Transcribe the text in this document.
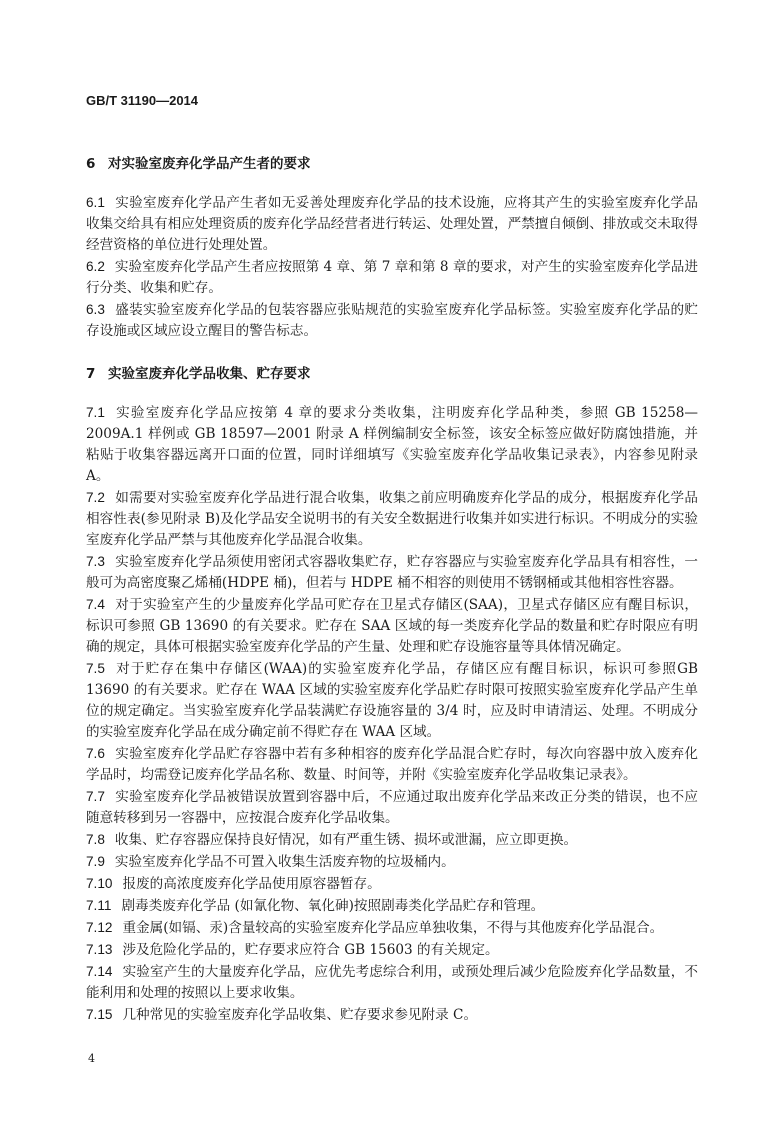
GB/T 31190—2014
6 对实验室废弃化学品产生者的要求

6.1 实验室废弃化学品产生者如无妥善处理废弃化学品的技术设施，应将其产生的实验室废弃化学品收集交给具有相应处理资质的废弃化学品经营者进行转运、处理处置，严禁擅自倾倒、排放或交未取得经营资格的单位进行处理处置。

6.2 实验室废弃化学品产生者应按照第 4 章、第 7 章和第 8 章的要求，对产生的实验室废弃化学品进行分类、收集和贮存。

6.3 盛装实验室废弃化学品的包装容器应张贴规范的实验室废弃化学品标签。实验室废弃化学品的贮存设施或区域应设立醒目的警告标志。

7 实验室废弃化学品收集、贮存要求

7.1 实验室废弃化学品应按第 4 章的要求分类收集，注明废弃化学品种类，参照 GB 15258—2009A.1 样例或 GB 18597—2001 附录 A 样例编制安全标签，该安全标签应做好防腐蚀措施，并粘贴于收集容器远离开口面的位置，同时详细填写《实验室废弃化学品收集记录表》，内容参见附录 A。

7.2 如需要对实验室废弃化学品进行混合收集，收集之前应明确废弃化学品的成分，根据废弃化学品相容性表(参见附录 B)及化学品安全说明书的有关安全数据进行收集并如实进行标识。不明成分的实验室废弃化学品严禁与其他废弃化学品混合收集。

7.3 实验室废弃化学品须使用密闭式容器收集贮存，贮存容器应与实验室废弃化学品具有相容性，一般可为高密度聚乙烯桶(HDPE 桶)，但若与 HDPE 桶不相容的则使用不锈钢桶或其他相容性容器。

7.4 对于实验室产生的少量废弃化学品可贮存在卫星式存储区(SAA)，卫星式存储区应有醒目标识，标识可参照 GB 13690 的有关要求。贮存在 SAA 区域的每一类废弃化学品的数量和贮存时限应有明确的规定，具体可根据实验室废弃化学品的产生量、处理和贮存设施容量等具体情况确定。

7.5 对于贮存在集中存储区(WAA)的实验室废弃化学品，存储区应有醒目标识，标识可参照GB 13690 的有关要求。贮存在 WAA 区域的实验室废弃化学品贮存时限可按照实验室废弃化学品产生单位的规定确定。当实验室废弃化学品装满贮存设施容量的 3/4 时，应及时申请清运、处理。不明成分的实验室废弃化学品在成分确定前不得贮存在 WAA 区域。

7.6 实验室废弃化学品贮存容器中若有多种相容的废弃化学品混合贮存时，每次向容器中放入废弃化学品时，均需登记废弃化学品名称、数量、时间等，并附《实验室废弃化学品收集记录表》。

7.7 实验室废弃化学品被错误放置到容器中后，不应通过取出废弃化学品来改正分类的错误，也不应随意转移到另一容器中，应按混合废弃化学品收集。

7.8 收集、贮存容器应保持良好情况，如有严重生锈、损坏或泄漏，应立即更换。

7.9 实验室废弃化学品不可置入收集生活废弃物的垃圾桶内。

7.10 报废的高浓度废弃化学品使用原容器暂存。

7.11 剧毒类废弃化学品 (如氰化物、氧化砷)按照剧毒类化学品贮存和管理。

7.12 重金属(如镉、汞)含量较高的实验室废弃化学品应单独收集，不得与其他废弃化学品混合。

7.13 涉及危险化学品的，贮存要求应符合 GB 15603 的有关规定。

7.14 实验室产生的大量废弃化学品，应优先考虑综合利用，或预处理后减少危险废弃化学品数量，不能利用和处理的按照以上要求收集。

7.15 几种常见的实验室废弃化学品收集、贮存要求参见附录 C。

4
